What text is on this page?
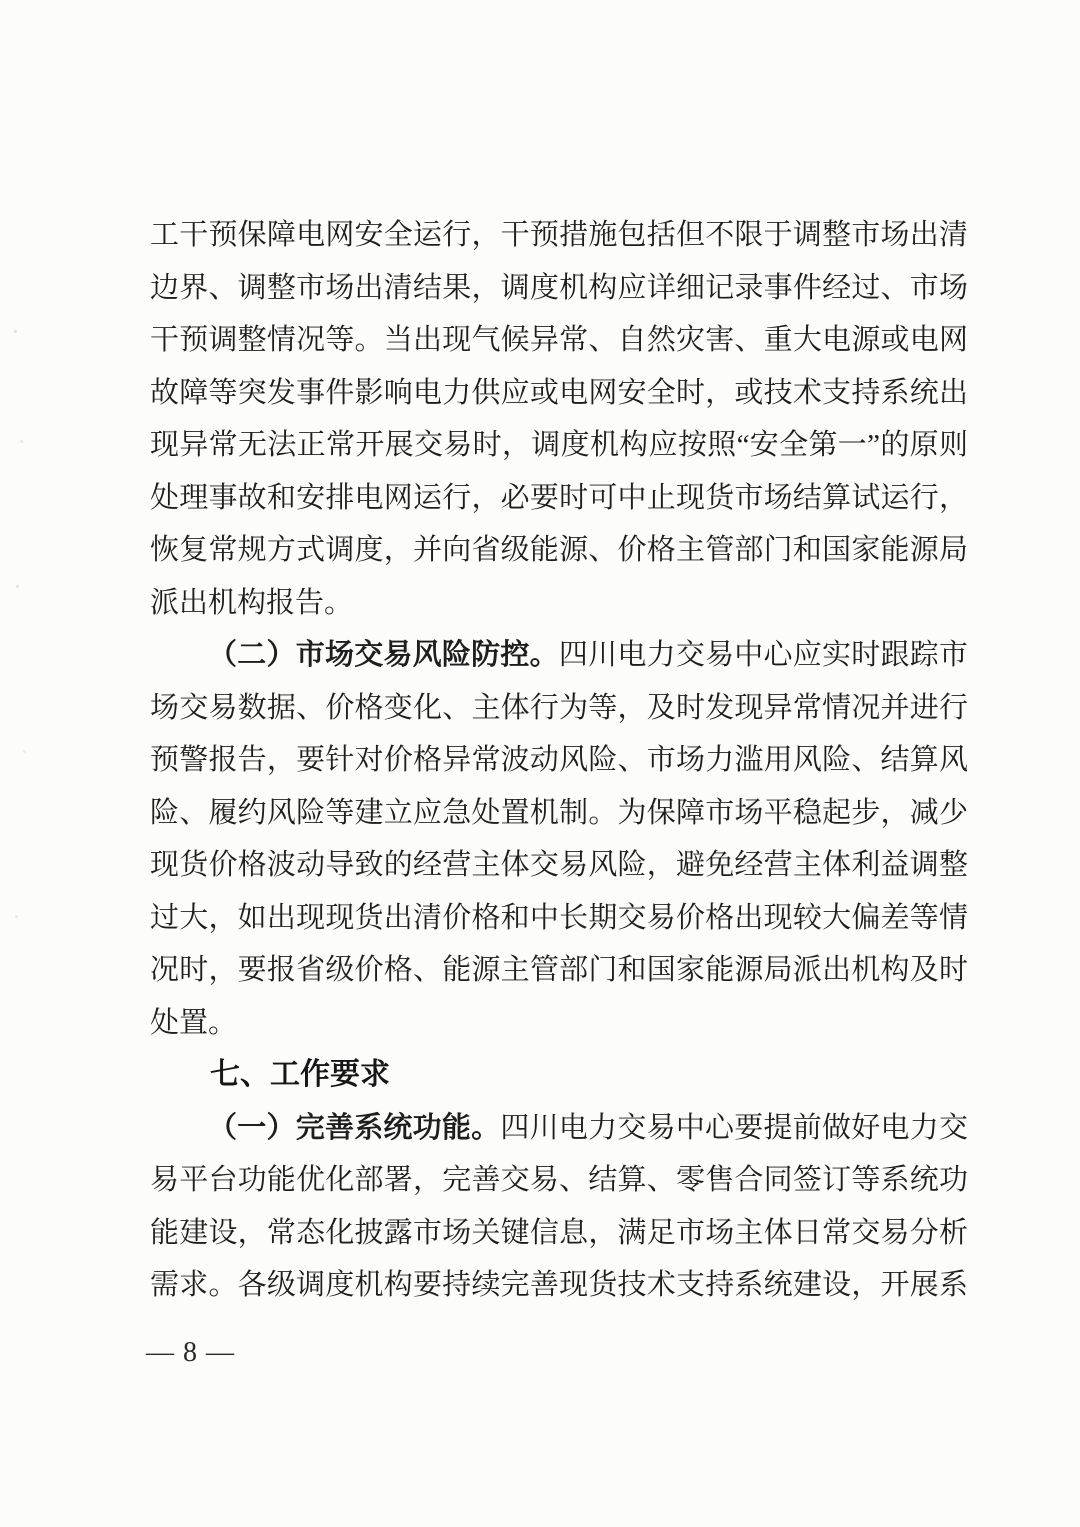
工干预保障电网安全运行，干预措施包括但不限于调整市场出清
边界、调整市场出清结果，调度机构应详细记录事件经过、市场
干预调整情况等。当出现气候异常、自然灾害、重大电源或电网
故障等突发事件影响电力供应或电网安全时，或技术支持系统出
现异常无法正常开展交易时，调度机构应按照“安全第一”的原则
处理事故和安排电网运行，必要时可中止现货市场结算试运行，
恢复常规方式调度，并向省级能源、价格主管部门和国家能源局
派出机构报告。
（二）市场交易风险防控。四川电力交易中心应实时跟踪市
场交易数据、价格变化、主体行为等，及时发现异常情况并进行
预警报告，要针对价格异常波动风险、市场力滥用风险、结算风
险、履约风险等建立应急处置机制。为保障市场平稳起步，减少
现货价格波动导致的经营主体交易风险，避免经营主体利益调整
过大，如出现现货出清价格和中长期交易价格出现较大偏差等情
况时，要报省级价格、能源主管部门和国家能源局派出机构及时
处置。
七、工作要求
（一）完善系统功能。四川电力交易中心要提前做好电力交
易平台功能优化部署，完善交易、结算、零售合同签订等系统功
能建设，常态化披露市场关键信息，满足市场主体日常交易分析
需求。各级调度机构要持续完善现货技术支持系统建设，开展系
— 8 —
